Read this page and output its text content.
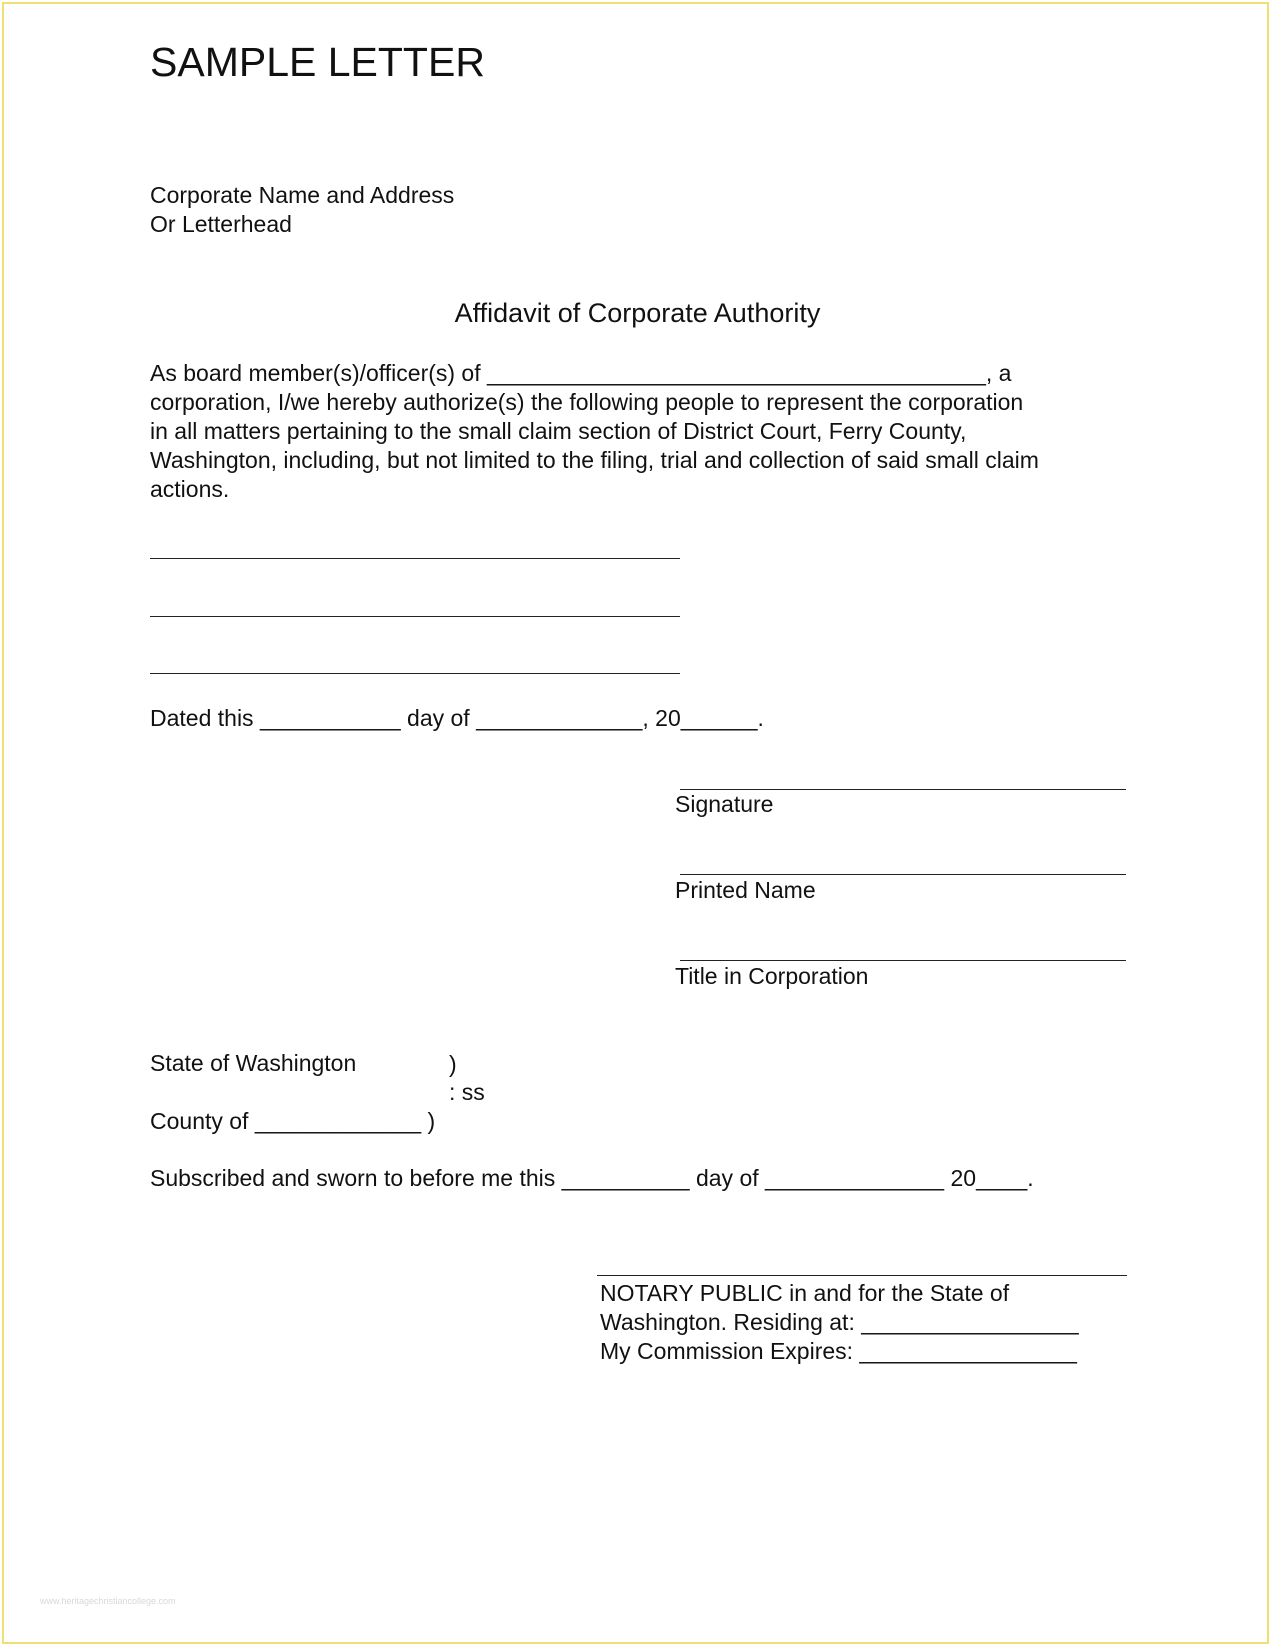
SAMPLE LETTER
Corporate Name and Address
Or Letterhead
Affidavit of Corporate Authority
As board member(s)/officer(s) of _______________________________________, a
corporation, I/we hereby authorize(s) the following people to represent the corporation
in all matters pertaining to the small claim section of District Court, Ferry County,
Washington, including, but not limited to the filing, trial and collection of said small claim
actions.
Dated this ___________ day of _____________, 20______.
Signature
Printed Name
Title in Corporation
State of Washington	)
: ss
County of _____________ )
Subscribed and sworn to before me this __________ day of ______________ 20____.
NOTARY PUBLIC in and for the State of
Washington. Residing at: _________________
My Commission Expires: _________________
www.heritagechristiancollege.com
